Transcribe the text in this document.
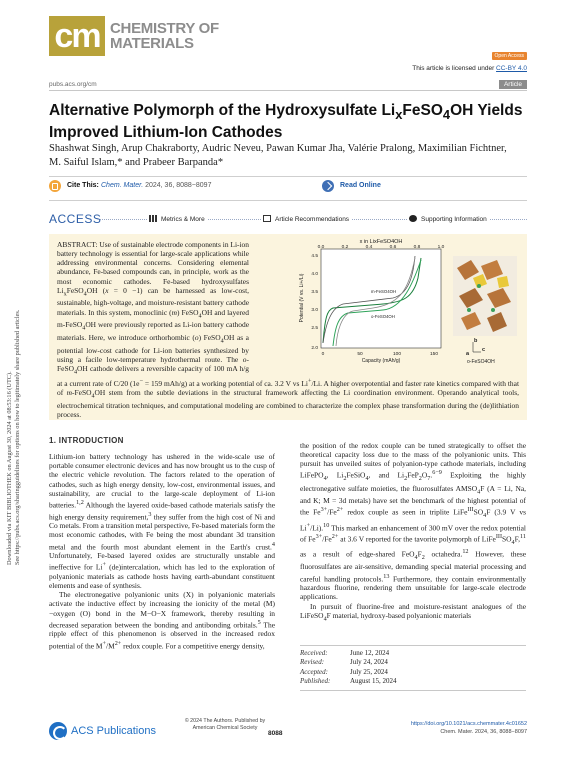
cm CHEMISTRY OF
MATERIALS
Open Access
This article is licensed under CC-BY 4.0
pubs.acs.org/cm	Article
Alternative Polymorph of the Hydroxysulfate $Li_xFeSO_4OH$ Yields Improved Lithium-Ion Cathodes
Shashwat Singh, Arup Chakraborty, Audric Neveu, Pawan Kumar Jha, Valérie Pralong, Maximilian Fichtner, M. Saiful Islam,* and Prabeer Barpanda*
Cite This: Chem. Mater. 2024, 36, 8088−8097	Read Online
ACCESS	Metrics & More	Article Recommendations	Supporting Information
ABSTRACT: Use of sustainable electrode components in Li-ion battery technology is essential for large-scale applications while addressing environmental concerns. Considering elemental abundance, Fe-based compounds can, in principle, work as the most economic cathodes. Fe-based hydroxysulfates $Li_xFeSO_4OH$ (x = 0 −1) can be harnessed as low-cost, sustainable, high-voltage, and moisture-resistant battery cathode materials. In this system, monoclinic (m) FeSO$_4$OH and layered m-FeSO$_4$OH were previously reported as Li-ion battery cathode materials. Here, we introduce orthorhombic (o) FeSO$_4$OH as a potential low-cost cathode for Li-ion batteries synthesized by using a facile low-temperature hydrothermal route. The o-FeSO$_4$OH cathode delivers a reversible capacity of 100 mA h/g at a current rate of C/20 (1e− = 159 mAh/g) at a working potential of ca. 3.2 V vs Li+/Li. A higher overpotential and faster rate kinetics compared with that of m-FeSO$_4$OH stem from the subtle deviations in the structural framework affecting the Li coordination environment. Operando analytical tools, electrochemical titration techniques, and computational modeling are combined to characterize the complex phase transformation during the (de)lithiation process.
x in LixFeSO4OH
0.0	0.2	0.4	0.6	0.8	1.0
4.5
4.0
3.5
3.0
2.5
2.0
Potential (V vs. Li+/Li)
0	50	100	150
Capacity (mAh/g)
m-FeSO4OH
o-FeSO4OH
b
a
c
o-FeSO4OH
Downloaded via KIT BIBLIOTHEK on August 30, 2024 at 08:53:16 (UTC). See https://pubs.acs.org/sharingguidelines for options on how to legitimately share published articles.	1. INTRODUCTION

Lithium-ion battery technology has ushered in the wide-scale use of portable consumer electronic devices and has now brought us to the cusp of the electric vehicle revolution. The factors related to the operation of cathodes, such as high energy density, low-cost, environmental issues, and sustainability, are crucial to the large-scale deployment of Li-ion batteries.$^{1,2}$ Although the layered oxide-based cathode materials satisfy the high energy density requirement,$^3$ they suffer from the high cost of Ni and Co metals. From a transition metal perspective, Fe-based materials form the most economic cathodes, with Fe being the most abundant 3d transition metal and the fourth most abundant element in the Earth's crust.$^4$ Unfortunately, Fe-based layered oxides are structurally unstable and ineffective for Li+ (de)intercalation, which has led to the exploration of polyanionic materials as cathode hosts having earth-abundant constituent elements and ease of synthesis.

The electronegative polyanionic units (X) in polyanionic materials activate the inductive effect by increasing the ionicity of the metal (M)−oxygen (O) bond in the M−O−X framework, thereby resulting in decreased separation between the bonding and antibonding orbitals.$^5$ The ripple effect of this phenomenon is observed in the increased redox potential of the $M^+/M^{2+}$ redox couple. For a competitive energy density,

the position of the redox couple can be tuned strategically to offset the theoretical capacity loss due to the mass of the polyanionic units. This pursuit has unveiled suites of polyanion-type cathode materials, including LiFePO$_4$, $Li_2FeSiO_4$, and $Li_2FeP_2O_7.^{6-9}$ Exploiting the highly electronegative sulfate moieties, the fluorosulfates $AMSO_4F$ (A = Li, Na, and K; M = 3d metals) have set the benchmark of the highest potential of the $Fe^{3+}/Fe^{2+}$ redox couple as seen in triplite $LiFe^{III}SO_4F$ (3.9 V vs Li+/Li).$^{10}$ This marked an enhancement of 300 mV over the redox potential of $Fe^{3+}/Fe^{2+}$ at 3.6 V reported for the tavorite polymorph of $LiFe^{III}SO_4F,^{11}$ as a result of edge-shared $FeO_4F_2$ octahedra.$^{12}$ However, these fluorosulfates are air-sensitive, demanding special material processing and careful handling protocols.$^{13}$ Furthermore, they contain environmentally hazardous fluorine, rendering them unsuitable for large-scale electrode applications.

In pursuit of fluorine-free and moisture-resistant analogues of the LiFeSO$_4$F material, hydroxy-based polyanionic materials

Received:	June 12, 2024
Revised:	July 24, 2024
Accepted:	July 25, 2024
Published:	August 15, 2024
ACS Publications
© 2024 The Authors. Published by
American Chemical Society
8088
https://doi.org/10.1021/acs.chemmater.4c01652
Chem. Mater. 2024, 36, 8088−8097
